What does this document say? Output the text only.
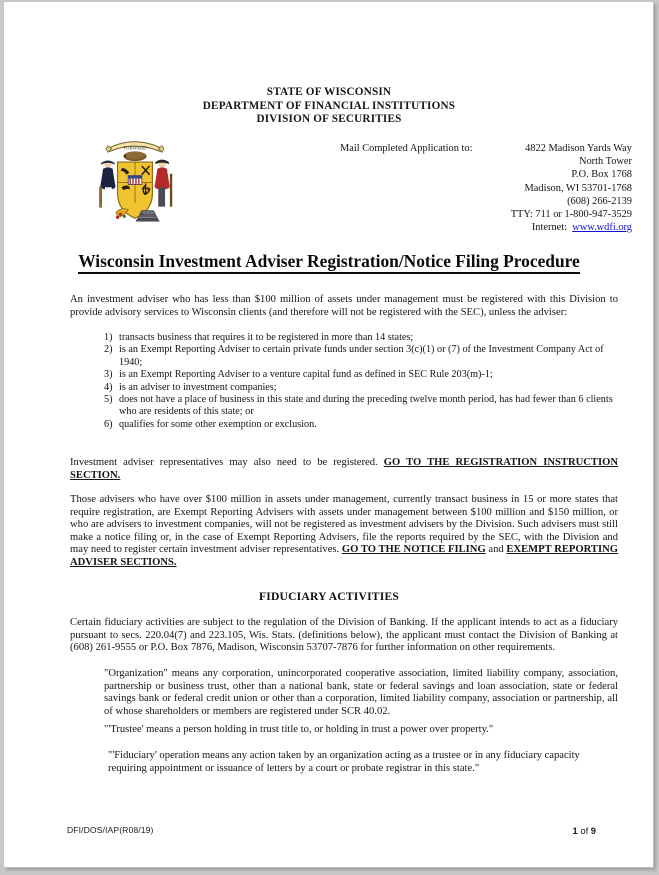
STATE OF WISCONSIN
DEPARTMENT OF FINANCIAL INSTITUTIONS
DIVISION OF SECURITIES
FORWARD	Mail Completed Application to:	4822 Madison Yards Way
North Tower
P.O. Box 1768
Madison, WI 53701-1768
(608) 266-2139
TTY: 711 or 1-800-947-3529
Internet: www.wdfi.org
Wisconsin Investment Adviser Registration/Notice Filing Procedure
An investment adviser who has less than $100 million of assets under management must be registered with this Division to provide advisory services to Wisconsin clients (and therefore will not be registered with the SEC), unless the adviser:
1) transacts business that requires it to be registered in more than 14 states;
2) is an Exempt Reporting Adviser to certain private funds under section 3(c)(1) or (7) of the Investment Company Act of 1940;
3) is an Exempt Reporting Adviser to a venture capital fund as defined in SEC Rule 203(m)-1;
4) is an adviser to investment companies;
5) does not have a place of business in this state and during the preceding twelve month period, has had fewer than 6 clients who are residents of this state; or
6) qualifies for some other exemption or exclusion.
Investment adviser representatives may also need to be registered. GO TO THE REGISTRATION INSTRUCTION SECTION.
Those advisers who have over $100 million in assets under management, currently transact business in 15 or more states that require registration, are Exempt Reporting Advisers with assets under management between $100 million and $150 million, or who are advisers to investment companies, will not be registered as investment advisers by the Division. Such advisers must still make a notice filing or, in the case of Exempt Reporting Advisers, file the reports required by the SEC, with the Division and may need to register certain investment adviser representatives. GO TO THE NOTICE FILING and EXEMPT REPORTING ADVISER SECTIONS.
FIDUCIARY ACTIVITIES
Certain fiduciary activities are subject to the regulation of the Division of Banking. If the applicant intends to act as a fiduciary pursuant to secs. 220.04(7) and 223.105, Wis. Stats. (definitions below), the applicant must contact the Division of Banking at (608) 261-9555 or P.O. Box 7876, Madison, Wisconsin 53707-7876 for further information on other requirements.
"Organization" means any corporation, unincorporated cooperative association, limited liability company, association, partnership or business trust, other than a national bank, state or federal savings and loan association, state or federal savings bank or federal credit union or other than a corporation, limited liability company, association or partnership, all of whose shareholders or members are registered under SCR 40.02.
"'Trustee' means a person holding in trust title to, or holding in trust a power over property."
"'Fiduciary' operation means any action taken by an organization acting as a trustee or in any fiduciary capacity requiring appointment or issuance of letters by a court or probate registrar in this state."
DFI/DOS/IAP(R08/19)	1 of 9
